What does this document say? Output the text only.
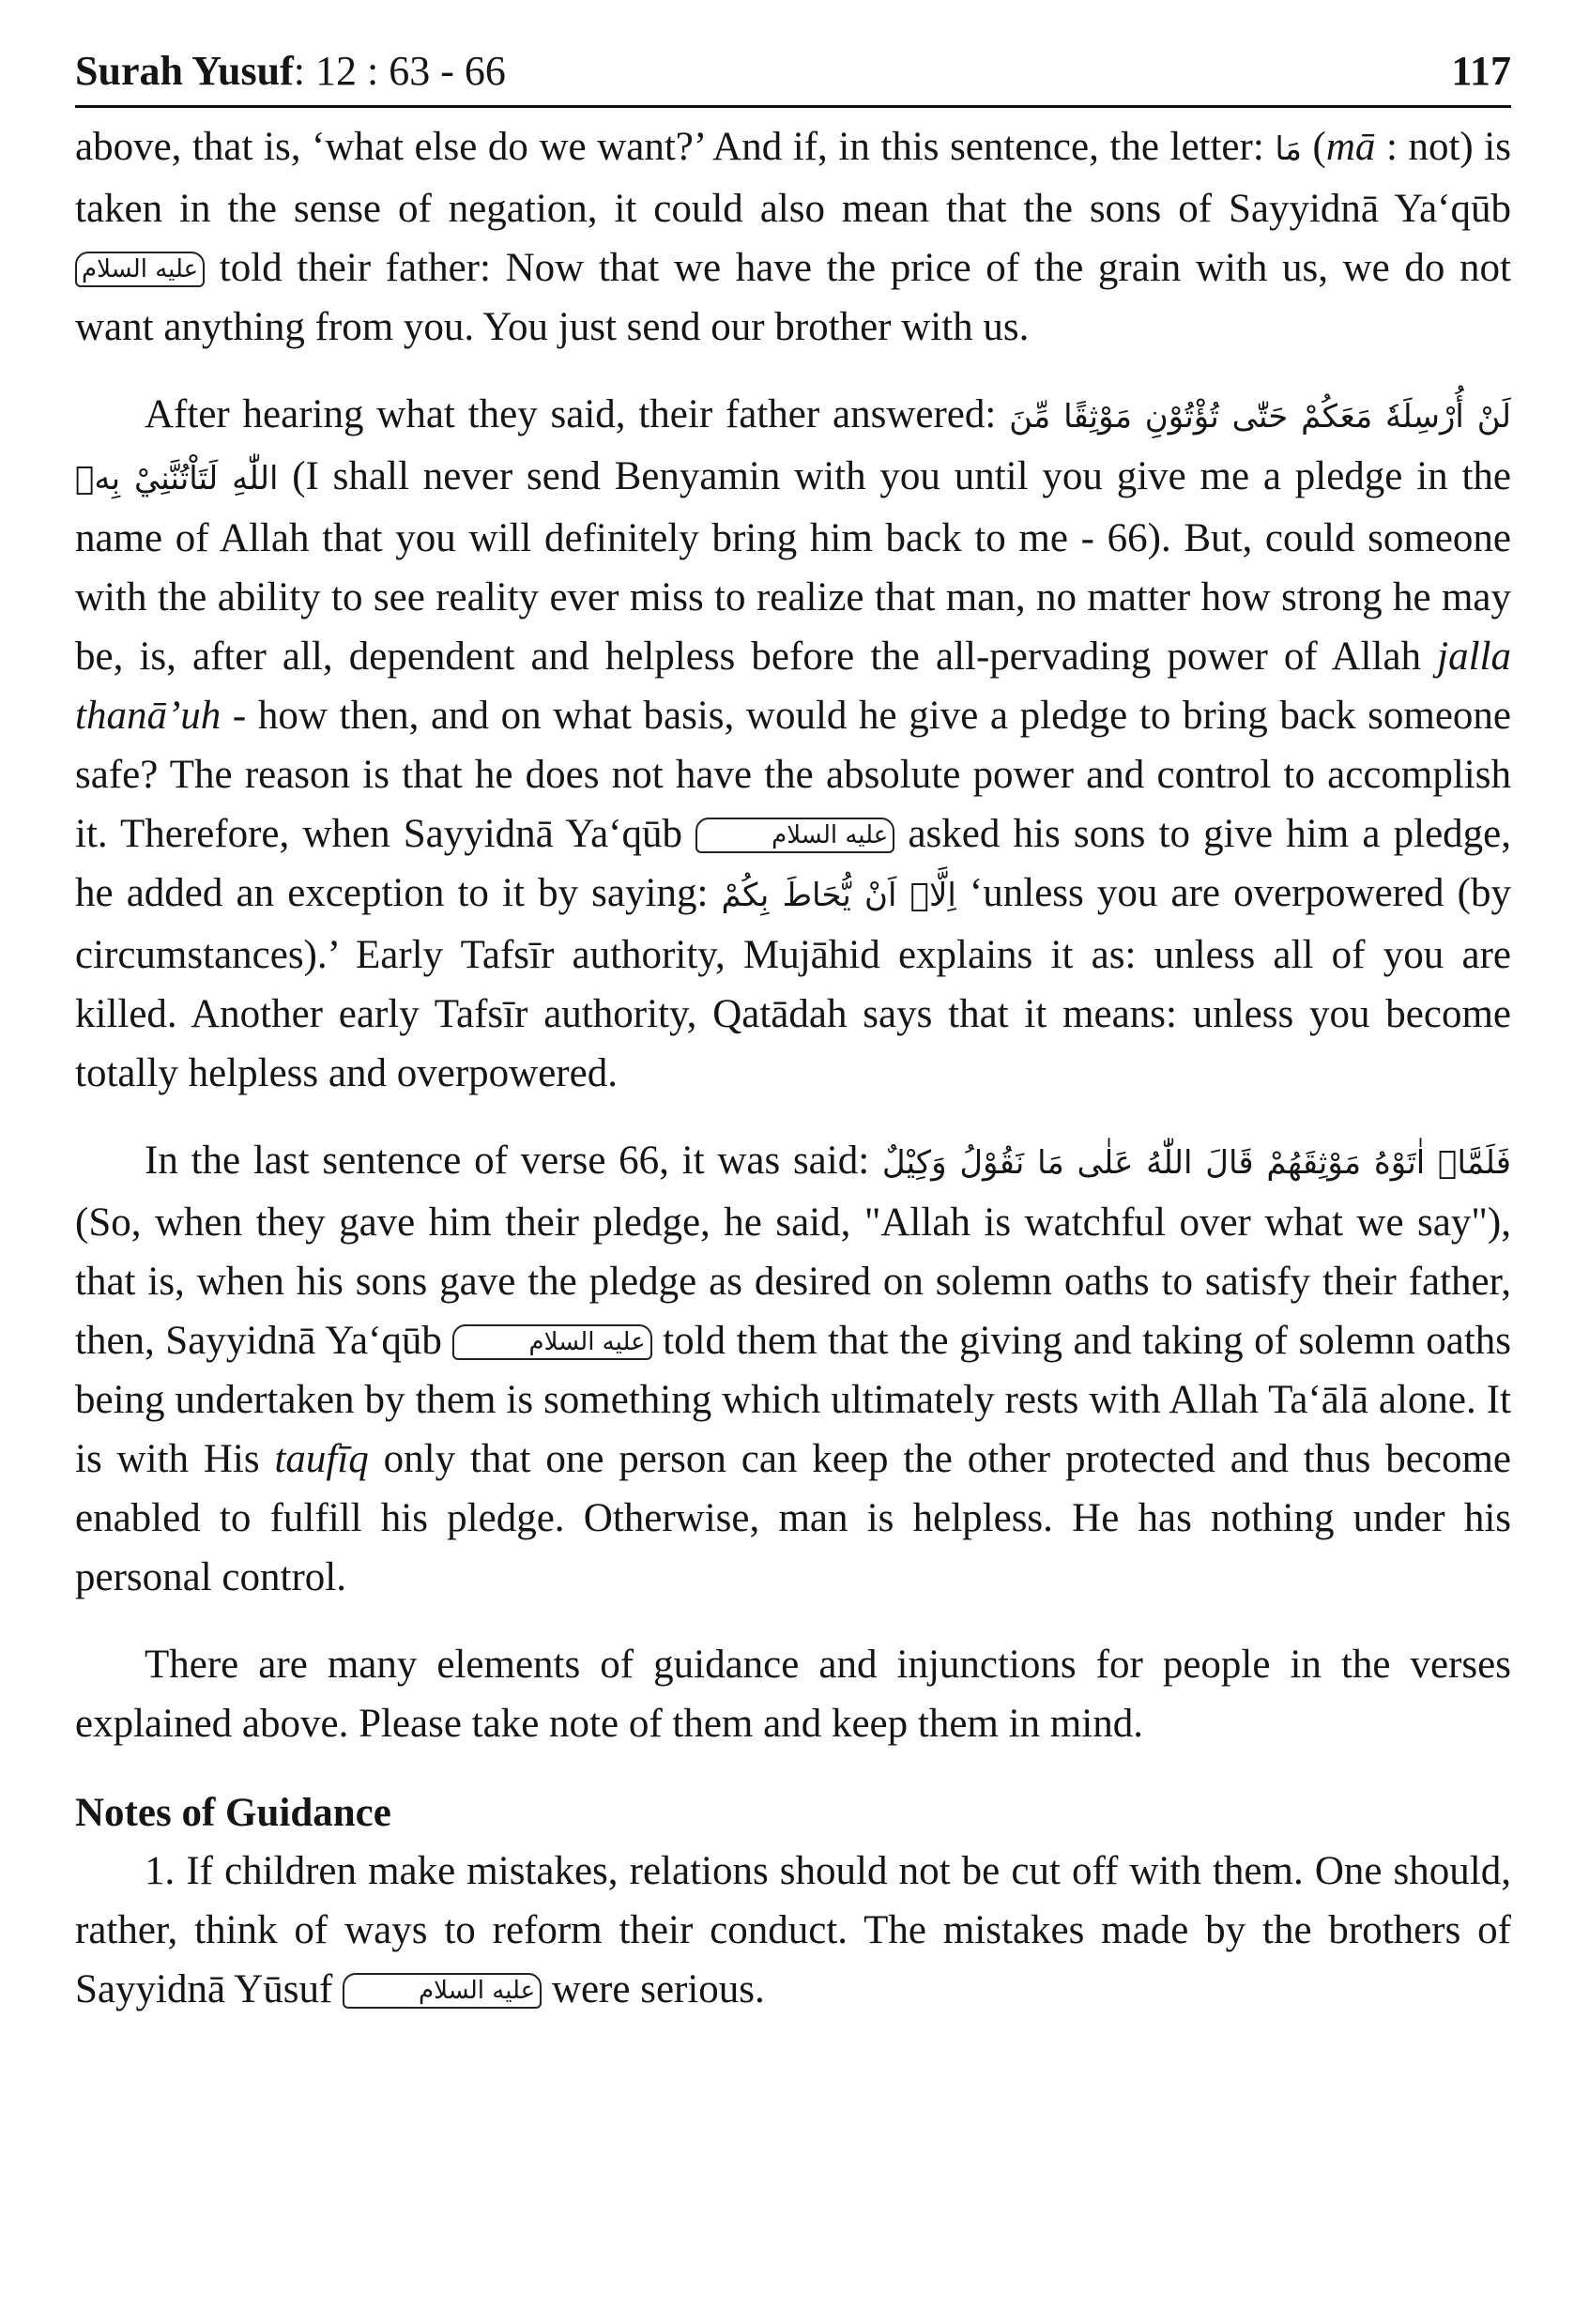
Surah Yusuf: 12 : 63 - 66	117

above, that is, ‘what else do we want?’ And if, in this sentence, the letter: مَا (mā : not) is taken in the sense of negation, it could also mean that the sons of Sayyidnā Ya‘qūb عليه السلام told their father: Now that we have the price of the grain with us, we do not want anything from you. You just send our brother with us.

After hearing what they said, their father answered: لَنْ أُرْسِلَهٗ مَعَكُمْ حَتّٰى تُؤْتُوْنِ مَوْثِقًا مِّنَ اللّٰهِ لَتَاْتُنَّنِيْ بِهٖ (I shall never send Benyamin with you until you give me a pledge in the name of Allah that you will definitely bring him back to me - 66). But, could someone with the ability to see reality ever miss to realize that man, no matter how strong he may be, is, after all, dependent and helpless before the all-pervading power of Allah jalla thanā’uh - how then, and on what basis, would he give a pledge to bring back someone safe? The reason is that he does not have the absolute power and control to accomplish it. Therefore, when Sayyidnā Ya‘qūb	عليه السلام asked his sons to give him a pledge, he added an exception to it by saying: اِلَّاۤ اَنْ يُّحَاطَ بِكُمْ ‘unless you are overpowered (by circumstances).’ Early Tafsīr authority, Mujāhid explains it as: unless all of you are killed. Another early Tafsīr authority, Qatādah says that it means: unless you become totally helpless and overpowered.

In the last sentence of verse 66, it was said: فَلَمَّاۤ اٰتَوْهُ مَوْثِقَهُمْ قَالَ اللّٰهُ عَلٰى مَا نَقُوْلُ وَكِيْلٌ (So, when they gave him their pledge, he said, "Allah is watchful over what we say"), that is, when his sons gave the pledge as desired on solemn oaths to satisfy their father, then, Sayyidnā Ya‘qūb	عليه السلام told them that the giving and taking of solemn oaths being undertaken by them is something which ultimately rests with Allah Ta‘ālā alone. It is with His taufīq only that one person can keep the other protected and thus become enabled to fulfill his pledge. Otherwise, man is helpless. He has nothing under his personal control.

There are many elements of guidance and injunctions for people in the verses explained above. Please take note of them and keep them in mind.

Notes of Guidance

1. If children make mistakes, relations should not be cut off with them. One should, rather, think of ways to reform their conduct. The mistakes made by the brothers of Sayyidnā Yūsuf	عليه السلام were serious.
